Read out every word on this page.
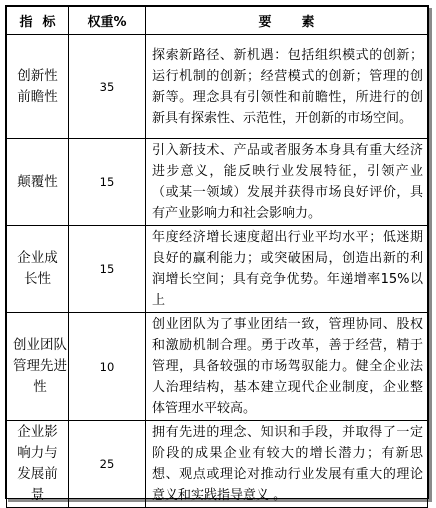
指标	权重%	要素

创新性前瞻性	35	探索新路径、新机遇：包括组织模式的创新；运行机制的创新；经营模式的创新；管理的创新等。理念具有引领性和前瞻性，所进行的创新具有探索性、示范性，开创新的市场空间。

颠覆性	15	引入新技术、产品或者服务本身具有重大经济进步意义，能反映行业发展特征，引领产业（或某一领域）发展并获得市场良好评价，具有产业影响力和社会影响力。

企业成长性	15	年度经济增长速度超出行业平均水平；低迷期良好的赢利能力；或突破困局，创造出新的利润增长空间；具有竞争优势。年递增率15%以上

创业团队管理先进性	10	创业团队为了事业团结一致，管理协同、股权和激励机制合理。勇于改革，善于经营，精于管理，具备较强的市场驾驭能力。健全企业法人治理结构，基本建立现代企业制度，企业整体管理水平较高。

企业影响力与发展前景	25	拥有先进的理念、知识和手段，并取得了一定阶段的成果企业有较大的增长潜力；有新思想、观点或理论对推动行业发展有重大的理论意义和实践指导意义 。
